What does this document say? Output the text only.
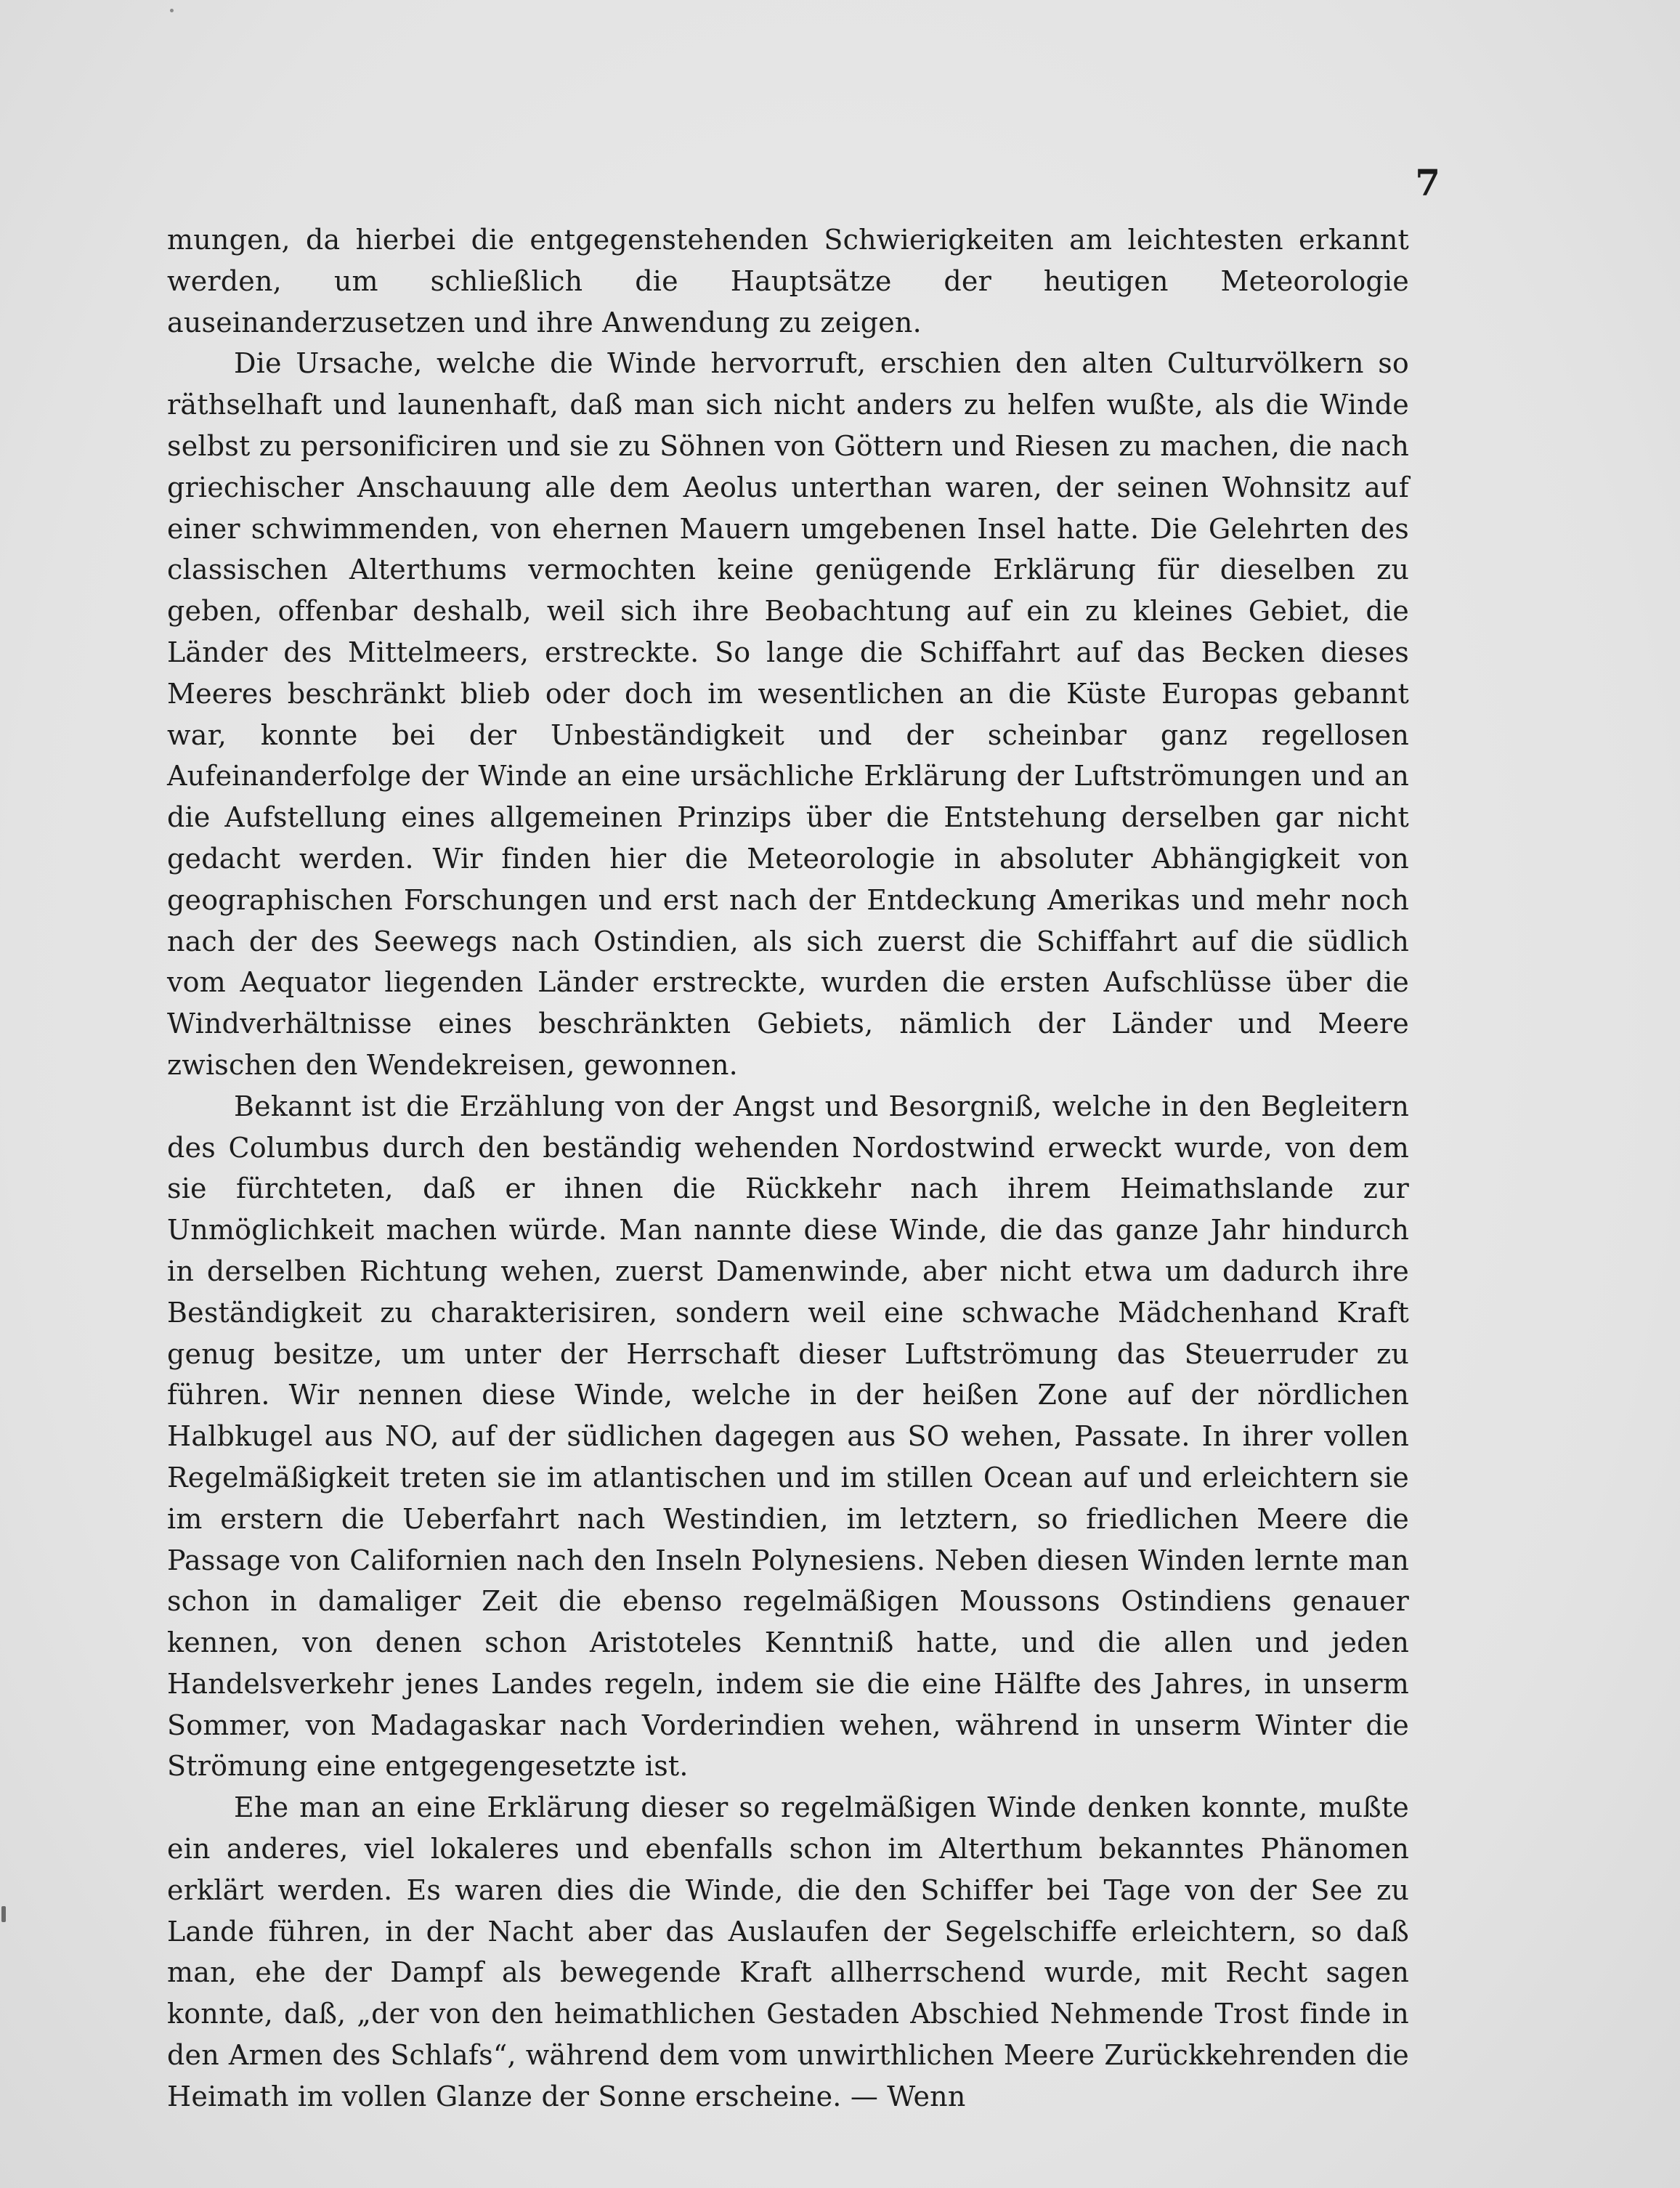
7

mungen, da hierbei die entgegenstehenden Schwierigkeiten am leichtesten erkannt werden, um schließlich die Hauptsätze der heutigen Meteorologie auseinanderzusetzen und ihre Anwendung zu zeigen.

Die Ursache, welche die Winde hervorruft, erschien den alten Culturvölkern so räthselhaft und launenhaft, daß man sich nicht anders zu helfen wußte, als die Winde selbst zu personificiren und sie zu Söhnen von Göttern und Riesen zu machen, die nach griechischer Anschauung alle dem Aeolus unterthan waren, der seinen Wohnsitz auf einer schwimmenden, von ehernen Mauern umgebenen Insel hatte. Die Gelehrten des classischen Alterthums vermochten keine genügende Erklärung für dieselben zu geben, offenbar deshalb, weil sich ihre Beobachtung auf ein zu kleines Gebiet, die Länder des Mittelmeers, erstreckte. So lange die Schiffahrt auf das Becken dieses Meeres beschränkt blieb oder doch im wesentlichen an die Küste Europas gebannt war, konnte bei der Unbeständigkeit und der scheinbar ganz regellosen Aufeinanderfolge der Winde an eine ursächliche Erklärung der Luftströmungen und an die Aufstellung eines allgemeinen Prinzips über die Entstehung derselben gar nicht gedacht werden. Wir finden hier die Meteorologie in absoluter Abhängigkeit von geographischen Forschungen und erst nach der Entdeckung Amerikas und mehr noch nach der des Seewegs nach Ostindien, als sich zuerst die Schiffahrt auf die südlich vom Aequator liegenden Länder erstreckte, wurden die ersten Aufschlüsse über die Windverhältnisse eines beschränkten Gebiets, nämlich der Länder und Meere zwischen den Wendekreisen, gewonnen.

Bekannt ist die Erzählung von der Angst und Besorgniß, welche in den Begleitern des Columbus durch den beständig wehenden Nordostwind erweckt wurde, von dem sie fürchteten, daß er ihnen die Rückkehr nach ihrem Heimathslande zur Unmöglichkeit machen würde. Man nannte diese Winde, die das ganze Jahr hindurch in derselben Richtung wehen, zuerst Damenwinde, aber nicht etwa um dadurch ihre Beständigkeit zu charakterisiren, sondern weil eine schwache Mädchenhand Kraft genug besitze, um unter der Herrschaft dieser Luftströmung das Steuerruder zu führen. Wir nennen diese Winde, welche in der heißen Zone auf der nördlichen Halbkugel aus NO, auf der südlichen dagegen aus SO wehen, Passate. In ihrer vollen Regelmäßigkeit treten sie im atlantischen und im stillen Ocean auf und erleichtern sie im erstern die Ueberfahrt nach Westindien, im letztern, so friedlichen Meere die Passage von Californien nach den Inseln Polynesiens. Neben diesen Winden lernte man schon in damaliger Zeit die ebenso regelmäßigen Moussons Ostindiens genauer kennen, von denen schon Aristoteles Kenntniß hatte, und die allen und jeden Handelsverkehr jenes Landes regeln, indem sie die eine Hälfte des Jahres, in unserm Sommer, von Madagaskar nach Vorderindien wehen, während in unserm Winter die Strömung eine entgegengesetzte ist.

Ehe man an eine Erklärung dieser so regelmäßigen Winde denken konnte, mußte ein anderes, viel lokaleres und ebenfalls schon im Alterthum bekanntes Phänomen erklärt werden. Es waren dies die Winde, die den Schiffer bei Tage von der See zu Lande führen, in der Nacht aber das Auslaufen der Segelschiffe erleichtern, so daß man, ehe der Dampf als bewegende Kraft allherrschend wurde, mit Recht sagen konnte, daß, „der von den heimathlichen Gestaden Abschied Nehmende Trost finde in den Armen des Schlafs“, während dem vom unwirthlichen Meere Zurückkehrenden die Heimath im vollen Glanze der Sonne erscheine. — Wenn
